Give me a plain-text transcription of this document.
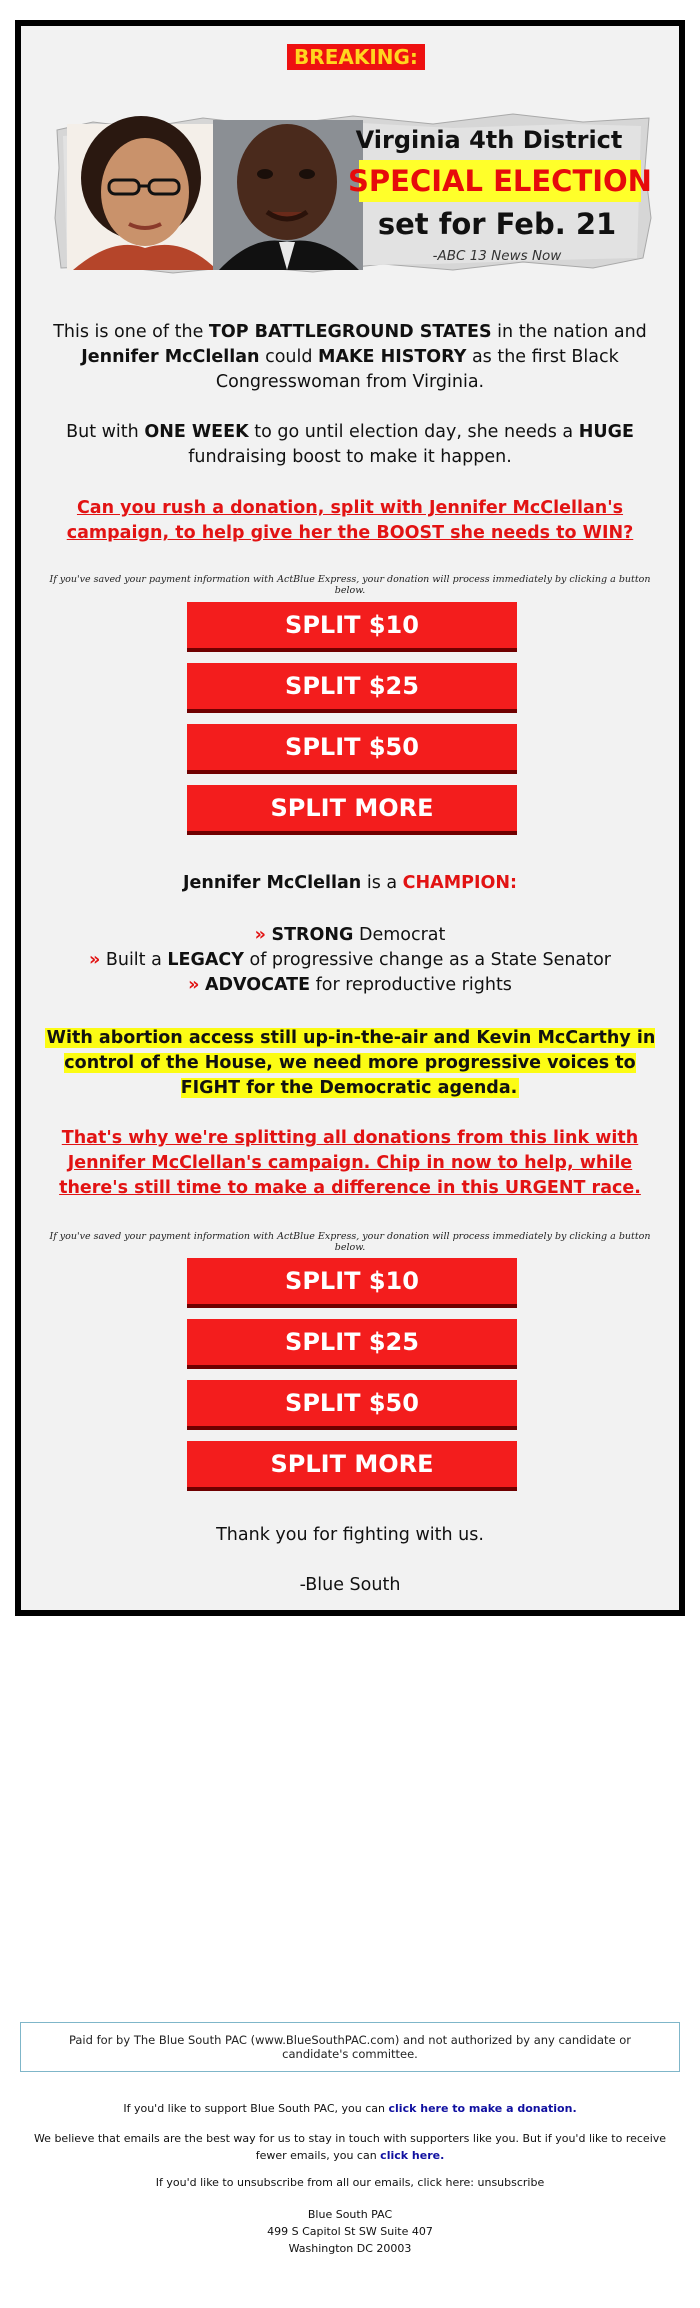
BREAKING:
Virginia 4th District
SPECIAL ELECTION
set for Feb. 21
-ABC 13 News Now

This is one of the TOP BATTLEGROUND STATES in the nation and
Jennifer McClellan could MAKE HISTORY as the first Black Congresswoman from Virginia.

But with ONE WEEK to go until election day, she needs a HUGE fundraising boost to make it happen.

Can you rush a donation, split with Jennifer McClellan's campaign, to help give her the BOOST she needs to WIN?

If you've saved your payment information with ActBlue Express, your donation will process immediately by clicking a button below.

SPLIT $10
SPLIT $25
SPLIT $50
SPLIT MORE

Jennifer McClellan is a CHAMPION:

» STRONG Democrat
» Built a LEGACY of progressive change as a State Senator
» ADVOCATE for reproductive rights

With abortion access still up-in-the-air and Kevin McCarthy in control of the House, we need more progressive voices to FIGHT for the Democratic agenda.

That's why we're splitting all donations from this link with Jennifer McClellan's campaign. Chip in now to help, while there's still time to make a difference in this URGENT race.

If you've saved your payment information with ActBlue Express, your donation will process immediately by clicking a button below.

SPLIT $10
SPLIT $25
SPLIT $50
SPLIT MORE

Thank you for fighting with us.

-Blue South

Paid for by The Blue South PAC (www.BlueSouthPAC.com) and not authorized by any candidate or candidate's committee.

If you'd like to support Blue South PAC, you can click here to make a donation.

We believe that emails are the best way for us to stay in touch with supporters like you. But if you'd like to receive fewer emails, you can click here.

If you'd like to unsubscribe from all our emails, click here: unsubscribe

Blue South PAC
499 S Capitol St SW Suite 407
Washington DC 20003
